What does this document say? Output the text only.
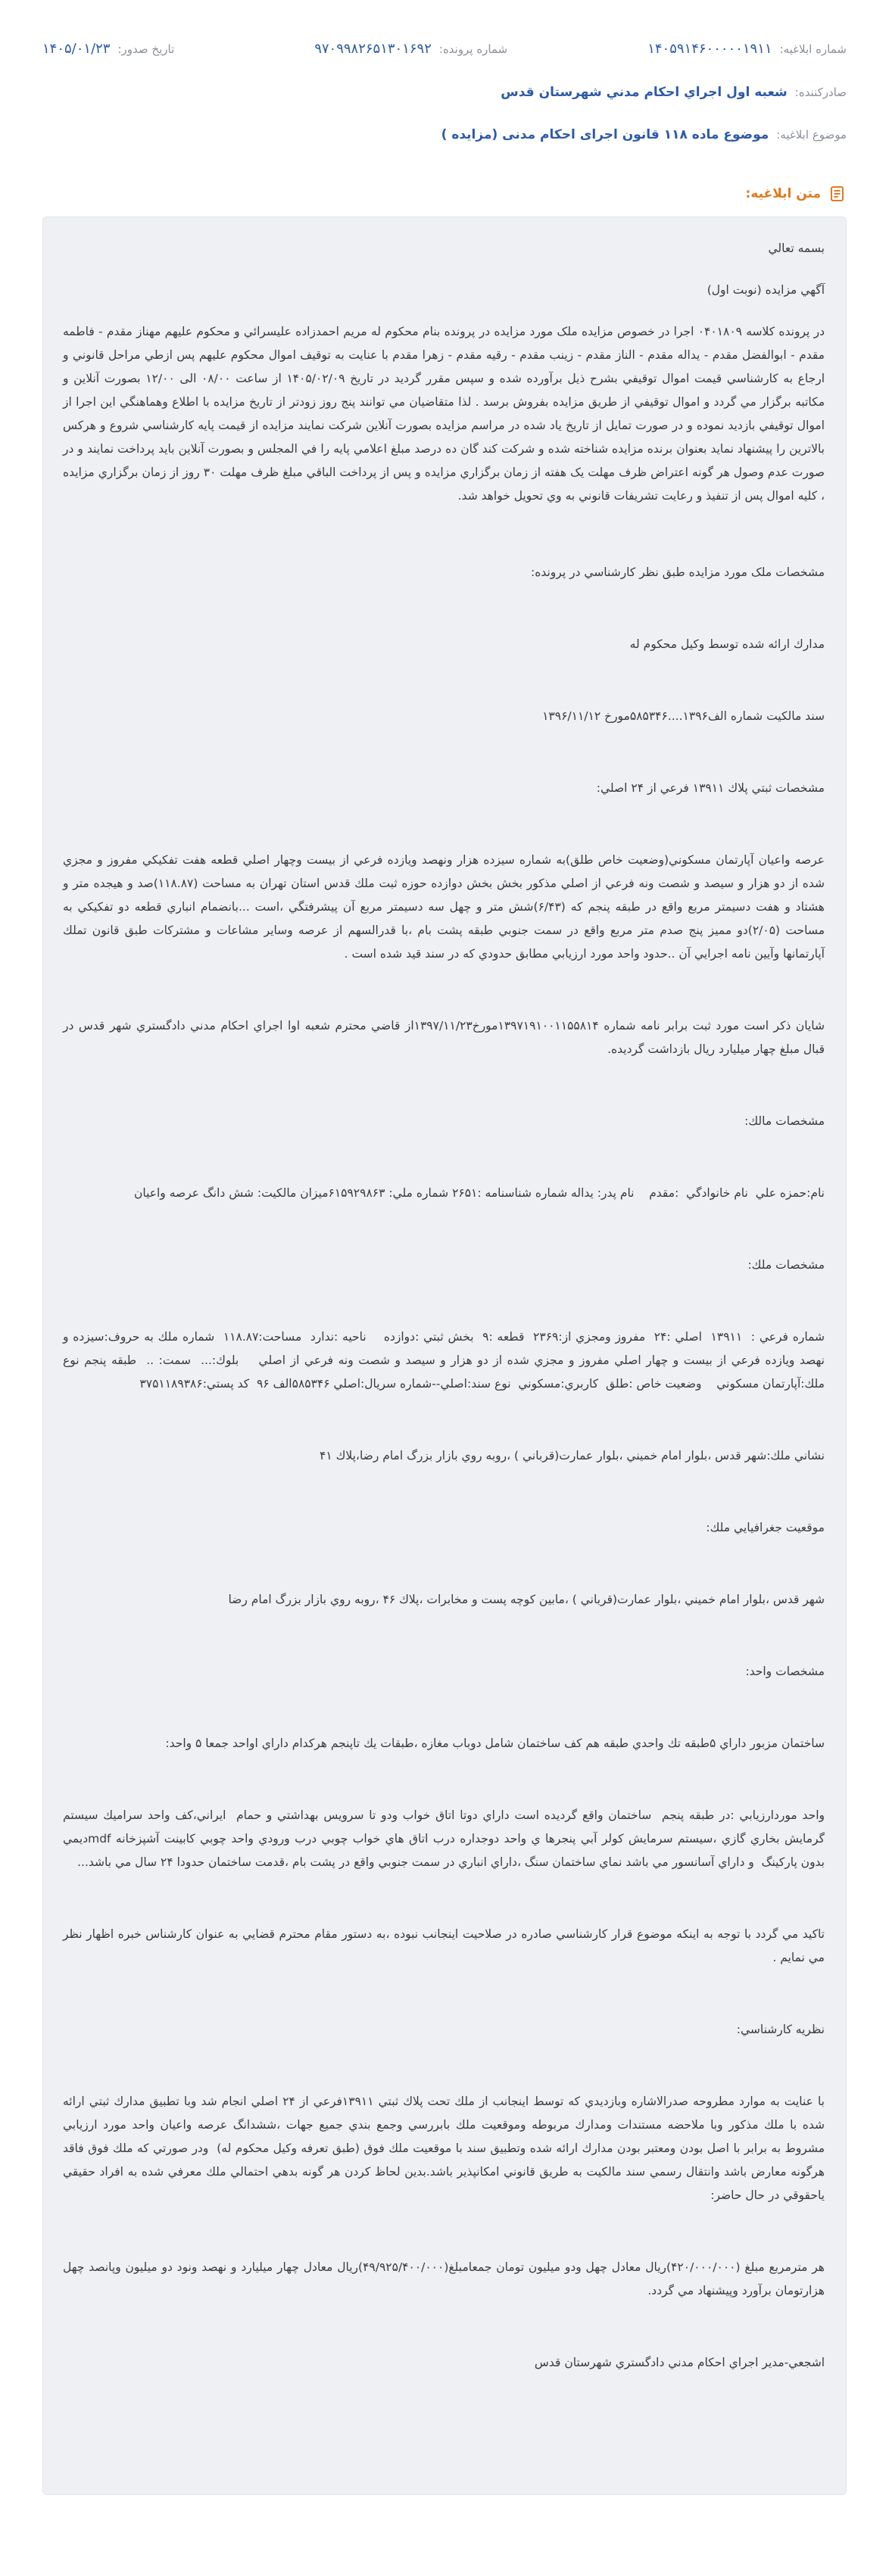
شماره ابلاغیه:
۱۴۰۵۹۱۴۶۰۰۰۰۰۱۹۱۱
شماره پرونده:
۹۷۰۹۹۸۲۶۵۱۳۰۱۶۹۲
تاریخ صدور:
۱۴۰۵/۰۱/۲۳
صادرکننده:
شعبه اول اجراي احكام مدني شهرستان قدس
موضوع ابلاغیه:
موضوع ماده ۱۱۸ قانون اجرای احکام مدنی (مزایده )
متن ابلاغیه:

بسمه تعالي

آگهي مزايده (نوبت اول)

در پرونده کلاسه ۰۴۰۱۸۰۹ اجرا در خصوص مزايده ملک مورد مزايده در پرونده بنام محکوم له مريم احمدزاده عليسرائي و محكوم عليهم مهناز مقدم - فاطمه مقدم - ابوالفضل مقدم - يداله مقدم - الناز مقدم - زينب مقدم - رقيه مقدم - زهرا مقدم با عنايت به توقيف اموال محكوم عليهم پس ازطي مراحل قانوني و ارجاع به کارشناسي قيمت اموال توقيفي بشرح ذيل برآورده شده و سپس مقرر گرديد در تاريخ ۱۴۰۵/۰۲/۰۹ از ساعت ۰۸/۰۰ الی ۱۲/۰۰ بصورت آنلاين و مکاتبه برگزار مي گردد و اموال توقيفي از طريق مزايده بفروش برسد . لذا متقاضيان مي توانند پنج روز زودتر از تاريخ مزايده با اطلاع وهماهنگي اين اجرا از اموال توقيفي بازديد نموده و در صورت تمايل از تاريخ ياد شده در مراسم مزايده بصورت آنلاين شرکت نمايند مزايده از قيمت پايه کارشناسي شروع و هرکس بالاترين را پيشنهاد نمايد بعنوان برنده مزايده شناخته شده و شرکت کند گان ده درصد مبلغ اعلامي پايه را في المجلس و بصورت آنلاين بايد پرداخت نمايند و در صورت عدم وصول هر گونه اعتراض ظرف مهلت يک هفته از زمان برگزاري مزايده و پس از پرداخت الباقي مبلغ ظرف مهلت ۳۰ روز از زمان برگزاري مزايده ، کليه اموال پس از تنفيذ و رعايت تشريفات قانوني به وي تحويل خواهد شد.

مشخصات ملک مورد مزايده طبق نظر کارشناسي در پرونده:

مدارك ارائه شده توسط وكيل محكوم له

سند مالكيت شماره الف۱۳۹۶....۵۸۵۳۴۶مورخ ۱۳۹۶/۱۱/۱۲

مشخصات ثبتي پلاك ۱۳۹۱۱ فرعي از ۲۴ اصلي:

عرصه واعيان آپارتمان مسكوني(وضعيت خاص طلق)به شماره سيزده هزار ونهصد ويازده فرعي از بيست وچهار اصلي قطعه هفت تفكيكي مفروز و مجزي شده از دو هزار و سيصد و شصت ونه فرعي از اصلي مذكور بخش بخش دوازده حوزه ثبت ملك قدس استان تهران به مساحت (۱۱۸.۸۷)صد و هيجده متر و هشتاد و هفت دسيمتر مربع واقع در طبقه پنجم كه (۶/۴۳)شش متر و چهل سه دسيمتر مربع آن پيشرفتگي ،است ...بانضمام انباري قطعه دو تفكيكي به مساحت (۲/۰۵)دو مميز پنج صدم متر مربع واقع در سمت جنوبي طبقه پشت بام ،با قدرالسهم از عرصه وساير مشاعات و مشتركات طبق قانون تملك آپارتمانها وآيين نامه اجرايي آن ..حدود واحد مورد ارزيابي مطابق حدودي كه در سند قيد شده است .

شايان ذكر است مورد ثبت برابر نامه شماره ۱۳۹۷۱۹۱۰۰۱۱۵۵۸۱۴مورخ۱۳۹۷/۱۱/۲۳از قاضي محترم شعبه اوا اجراي احكام مدني دادگستري شهر قدس در قبال مبلغ چهار ميليارد ريال بازداشت گرديده.

مشخصات مالك:

نام:حمزه علي  نام خانوادگي  :مقدم    نام پدر: يداله شماره شناسنامه :۲۶۵۱ شماره ملي: ۶۱۵۹۲۹۸۶۳میزان مالکيت: شش دانگ عرصه واعيان

مشخصات ملك:

شماره فرعي :  ۱۳۹۱۱  اصلي :۲۴  مفروز ومجزي از:۲۳۶۹  قطعه :۹  بخش ثبتي :دوازده    ناحيه :ندارد  مساحت:۱۱۸.۸۷  شماره ملك به حروف:سيزده و نهصد ويازده فرعي از بيست و چهار اصلي مفروز و مجزي شده از دو هزار و سيصد و شصت ونه فرعي از اصلي    بلوك:...  سمت: ..  طبقه پنجم نوع ملك:آپارتمان مسكوني    وضعيت خاص :طلق  كاربري:مسكوني  نوع سند:اصلي--شماره سريال:اصلي ۵۸۵۳۴۶الف ۹۶  كد پستي:۳۷۵۱۱۸۹۳۸۶

نشاني ملك:شهر قدس ،بلوار امام خميني ،بلوار عمارت(قرباني ) ،روبه روي بازار بزرگ امام رضا،پلاك ۴۱

موقعيت جغرافيايي ملك:

شهر قدس ،بلوار امام خميني ،بلوار عمارت(قرباني ) ،مابين كوچه پست و مخابرات ،پلاك ۴۶ ،روبه روي بازار بزرگ امام رضا

مشخصات واحد:

ساختمان مزبور داراي ۵طبقه تك واحدي طبقه هم كف ساختمان شامل دوباب مغازه ،طبقات يك تاپنجم هركدام داراي اواحد جمعا ۵ واحد:

واحد موردارزيابي :در طبقه پنجم  ساختمان واقع گرديده است داراي دوتا اتاق خواب ودو تا سرويس بهداشتي و حمام  ايراني،كف واحد سراميك سيستم گرمايش بخاري گازي ،سيستم سرمايش كولر آبي پنجرها ي واحد دوجداره درب اتاق هاي خواب چوبي درب ورودي واحد چوبي كابينت آشپزخانه mdfديمي بدون پاركينگ  و داراي آسانسور مي باشد نماي ساختمان سنگ ،داراي انباري در سمت جنوبي واقع در پشت بام ،قدمت ساختمان حدودا ۲۴ سال مي باشد...

تاكيد مي گردد با توجه به اينكه موضوع قرار كارشناسي صادره در صلاحيت اينجانب نبوده ،به دستور مقام محترم قضايي به عنوان كارشناس خبره اظهار نظر مي نمايم .

نظريه كارشناسي:

با عنايت به موارد مطروحه صدرالاشاره وبازديدي كه توسط اينجانب از ملك تحت پلاك ثبتي ۱۳۹۱۱فرعي از ۲۴ اصلي انجام شد وبا تطبيق مدارك ثبتي ارائه شده با ملك مذكور وبا ملاحضه مستندات ومدارك مربوطه وموقعيت ملك بابررسي وجمع بندي جميع جهات ،ششدانگ عرصه واعيان واحد مورد ارزيابي مشروط به برابر با اصل بودن ومعتبر بودن مدارك ارائه شده وتطبيق سند با موقعيت ملك فوق (طبق تعرفه وكيل محكوم له)  ودر صورتي كه ملك فوق فاقد هرگونه معارض باشد وانتقال رسمي سند مالكيت به طريق قانوني امكانپذير باشد.بدين لحاظ كردن هر گونه بدهي احتمالي ملك معرفي شده به افراد حقيقي ياحقوقي در حال حاضر:

هر مترمربع مبلغ (۴۲۰/۰۰۰/۰۰۰)ريال معادل چهل ودو ميليون تومان جمعامبلغ(۴۹/۹۲۵/۴۰۰/۰۰۰)ريال معادل چهار ميليارد و نهصد ونود دو ميليون وپانصد چهل هزارتومان برآورد وپيشنهاد مي گردد.

اشجعي-مدير اجراي احكام مدني دادگستري شهرستان قدس
